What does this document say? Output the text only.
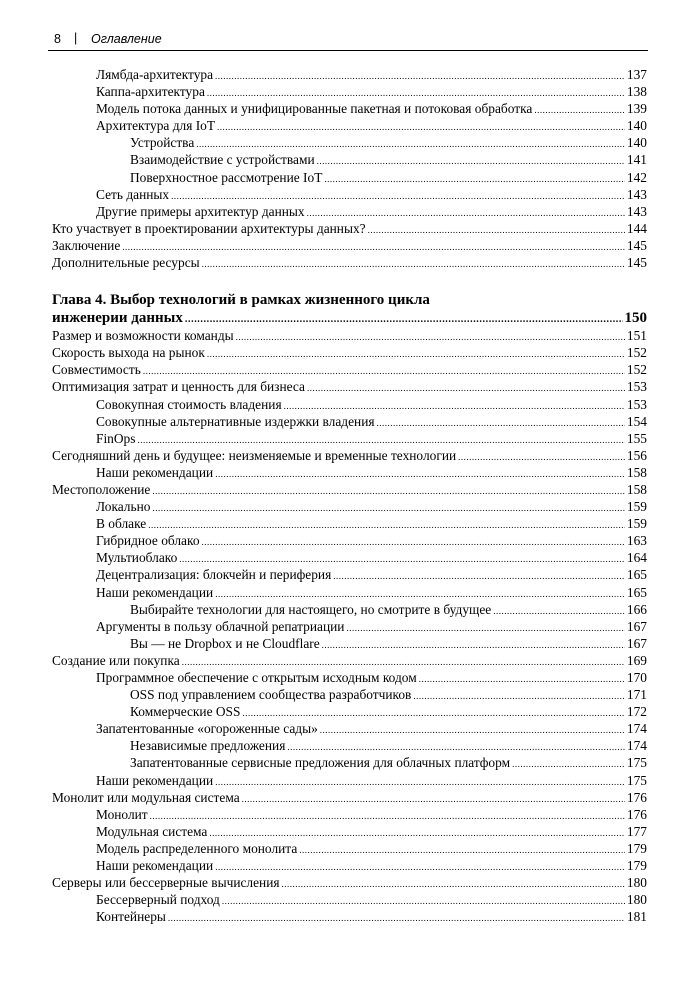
8 | Оглавление
Лямбда-архитектура .....	137
Каппа-архитектура .....	138
Модель потока данных и унифицированные пакетная и потоковая обработка .....	139
Архитектура для IoT .....	140
Устройства .....	140
Взаимодействие с устройствами .....	141
Поверхностное рассмотрение IoT .....	142
Сеть данных .....	143
Другие примеры архитектур данных .....	143
Кто участвует в проектировании архитектуры данных? .....	144
Заключение .....	145
Дополнительные ресурсы .....	145
Глава 4. Выбор технологий в рамках жизненного цикла
инженерии данных .....	150
Размер и возможности команды .....	151
Скорость выхода на рынок .....	152
Совместимость .....	152
Оптимизация затрат и ценность для бизнеса .....	153
Совокупная стоимость владения .....	153
Совокупные альтернативные издержки владения .....	154
FinOps .....	155
Сегодняшний день и будущее: неизменяемые и временные технологии .....	156
Наши рекомендации .....	158
Местоположение .....	158
Локально .....	159
В облаке .....	159
Гибридное облако .....	163
Мультиоблако .....	164
Децентрализация: блокчейн и периферия .....	165
Наши рекомендации .....	165
Выбирайте технологии для настоящего, но смотрите в будущее .....	166
Аргументы в пользу облачной репатриации .....	167
Вы — не Dropbox и не Cloudflare .....	167
Создание или покупка .....	169
Программное обеспечение с открытым исходным кодом .....	170
OSS под управлением сообщества разработчиков .....	171
Коммерческие OSS .....	172
Запатентованные «огороженные сады» .....	174
Независимые предложения .....	174
Запатентованные сервисные предложения для облачных платформ .....	175
Наши рекомендации .....	175
Монолит или модульная система .....	176
Монолит .....	176
Модульная система .....	177
Модель распределенного монолита .....	179
Наши рекомендации .....	179
Серверы или бессерверные вычисления .....	180
Бессерверный подход .....	180
Контейнеры .....	181
